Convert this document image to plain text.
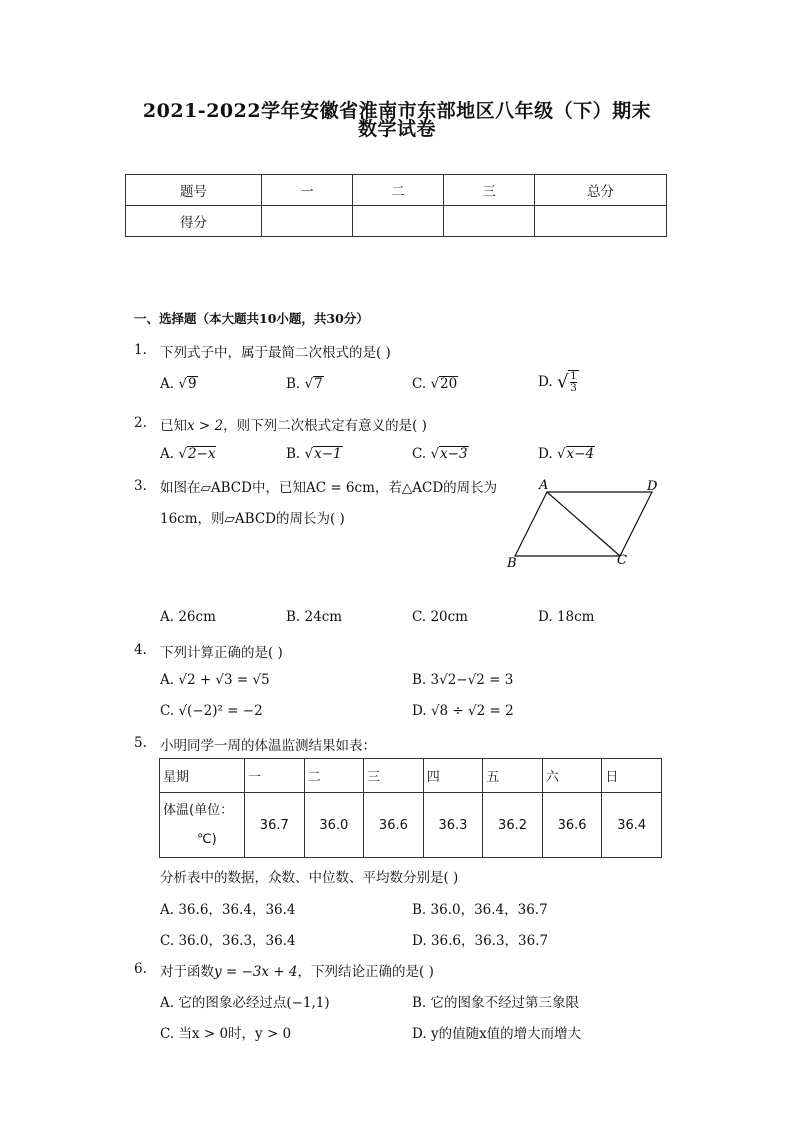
2021-2022学年安徽省淮南市东部地区八年级（下）期末
数学试卷
题号	一	二	三	总分
得分				
一、选择题（本大题共10小题，共30分）
1. 下列式子中，属于最简二次根式的是( )
A. √9	B. √7	C. √20	D. √ $\frac{1}{3}$
2. 已知x > 2，则下列二次根式定有意义的是( )
A. √2−x	B. √x−1	C. √x−3	D. √x−4
3. 如图在▱ABCD中，已知AC = 6cm，若△ACD的周长为
16cm，则▱ABCD的周长为( )
A	D
B	C
A. 26cm	B. 24cm	C. 20cm	D. 18cm
4. 下列计算正确的是( )
A. √2 + √3 = √5	B. 3√2−√2 = 3
C. √(−2)² = −2	D. √8 ÷ √2 = 2
5. 小明同学一周的体温监测结果如表：
星期	一	二	三	四	五	六	日
体温(单位：
℃)	36.7	36.0	36.6	36.3	36.2	36.6	36.4
分析表中的数据，众数、中位数、平均数分别是( )
A. 36.6，36.4，36.4	B. 36.0，36.4，36.7
C. 36.0，36.3，36.4	D. 36.6，36.3，36.7
6. 对于函数y = −3x + 4，下列结论正确的是( )
A. 它的图象必经过点(−1,1)	B. 它的图象不经过第三象限
C. 当x > 0时，y > 0	D. y的值随x值的增大而增大
